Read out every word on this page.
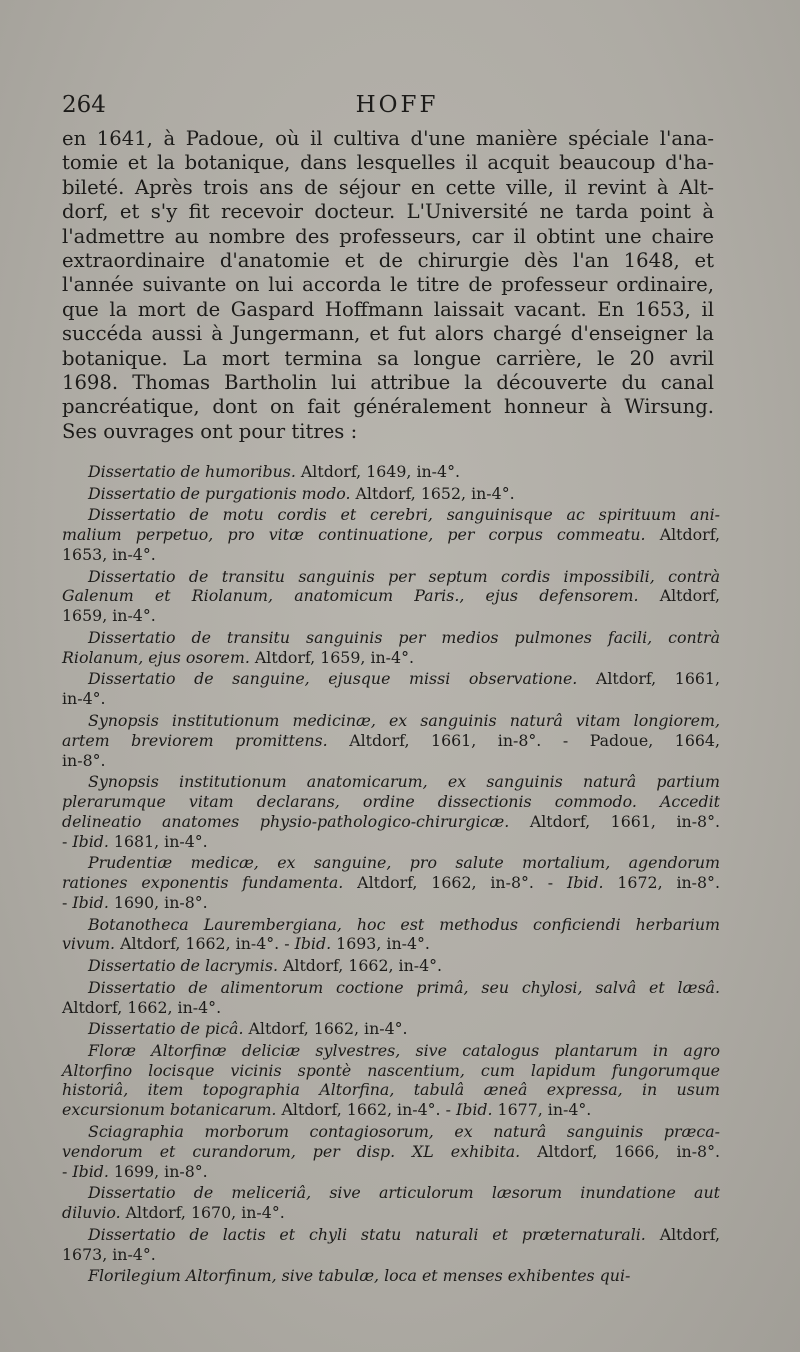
264	HOFF
en 1641, à Padoue, où il cultiva d'une manière spéciale l'ana-
tomie et la botanique, dans lesquelles il acquit beaucoup d'ha-
bileté. Après trois ans de séjour en cette ville, il revint à Alt-
dorf, et s'y fit recevoir docteur. L'Université ne tarda point à
l'admettre au nombre des professeurs, car il obtint une chaire
extraordinaire d'anatomie et de chirurgie dès l'an 1648, et
l'année suivante on lui accorda le titre de professeur ordinaire,
que la mort de Gaspard Hoffmann laissait vacant. En 1653, il
succéda aussi à Jungermann, et fut alors chargé d'enseigner la
botanique. La mort termina sa longue carrière, le 20 avril
1698. Thomas Bartholin lui attribue la découverte du canal
pancréatique, dont on fait généralement honneur à Wirsung.
Ses ouvrages ont pour titres :
Dissertatio de humoribus. Altdorf, 1649, in-4°.
Dissertatio de purgationis modo. Altdorf, 1652, in-4°.
Dissertatio de motu cordis et cerebri, sanguinisque ac spirituum ani-
malium perpetuo, pro vitæ continuatione, per corpus commeatu. Altdorf,
1653, in-4°.
Dissertatio de transitu sanguinis per septum cordis impossibili, contrà
Galenum et Riolanum, anatomicum Paris., ejus defensorem. Altdorf,
1659, in-4°.
Dissertatio de transitu sanguinis per medios pulmones facili, contrà
Riolanum, ejus osorem. Altdorf, 1659, in-4°.
Dissertatio de sanguine, ejusque missi observatione. Altdorf, 1661,
in-4°.
Synopsis institutionum medicinæ, ex sanguinis naturâ vitam longiorem,
artem breviorem promittens. Altdorf, 1661, in-8°. - Padoue, 1664,
in-8°.
Synopsis institutionum anatomicarum, ex sanguinis naturâ partium
plerarumque vitam declarans, ordine dissectionis commodo. Accedit
delineatio anatomes physio-pathologico-chirurgicæ. Altdorf, 1661, in-8°.
- Ibid. 1681, in-4°.
Prudentiæ medicæ, ex sanguine, pro salute mortalium, agendorum
rationes exponentis fundamenta. Altdorf, 1662, in-8°. - Ibid. 1672, in-8°.
- Ibid. 1690, in-8°.
Botanotheca Laurembergiana, hoc est methodus conficiendi herbarium
vivum. Altdorf, 1662, in-4°. - Ibid. 1693, in-4°.
Dissertatio de lacrymis. Altdorf, 1662, in-4°.
Dissertatio de alimentorum coctione primâ, seu chylosi, salvâ et læsâ.
Altdorf, 1662, in-4°.
Dissertatio de picâ. Altdorf, 1662, in-4°.
Floræ Altorfinæ deliciæ sylvestres, sive catalogus plantarum in agro
Altorfino locisque vicinis spontè nascentium, cum lapidum fungorumque
historiâ, item topographia Altorfina, tabulâ æneâ expressa, in usum
excursionum botanicarum. Altdorf, 1662, in-4°. - Ibid. 1677, in-4°.
Sciagraphia morborum contagiosorum, ex naturâ sanguinis præca-
vendorum et curandorum, per disp. XL exhibita. Altdorf, 1666, in-8°.
- Ibid. 1699, in-8°.
Dissertatio de meliceriâ, sive articulorum læsorum inundatione aut
diluvio. Altdorf, 1670, in-4°.
Dissertatio de lactis et chyli statu naturali et præternaturali. Altdorf,
1673, in-4°.
Florilegium Altorfinum, sive tabulæ, loca et menses exhibentes qui-
